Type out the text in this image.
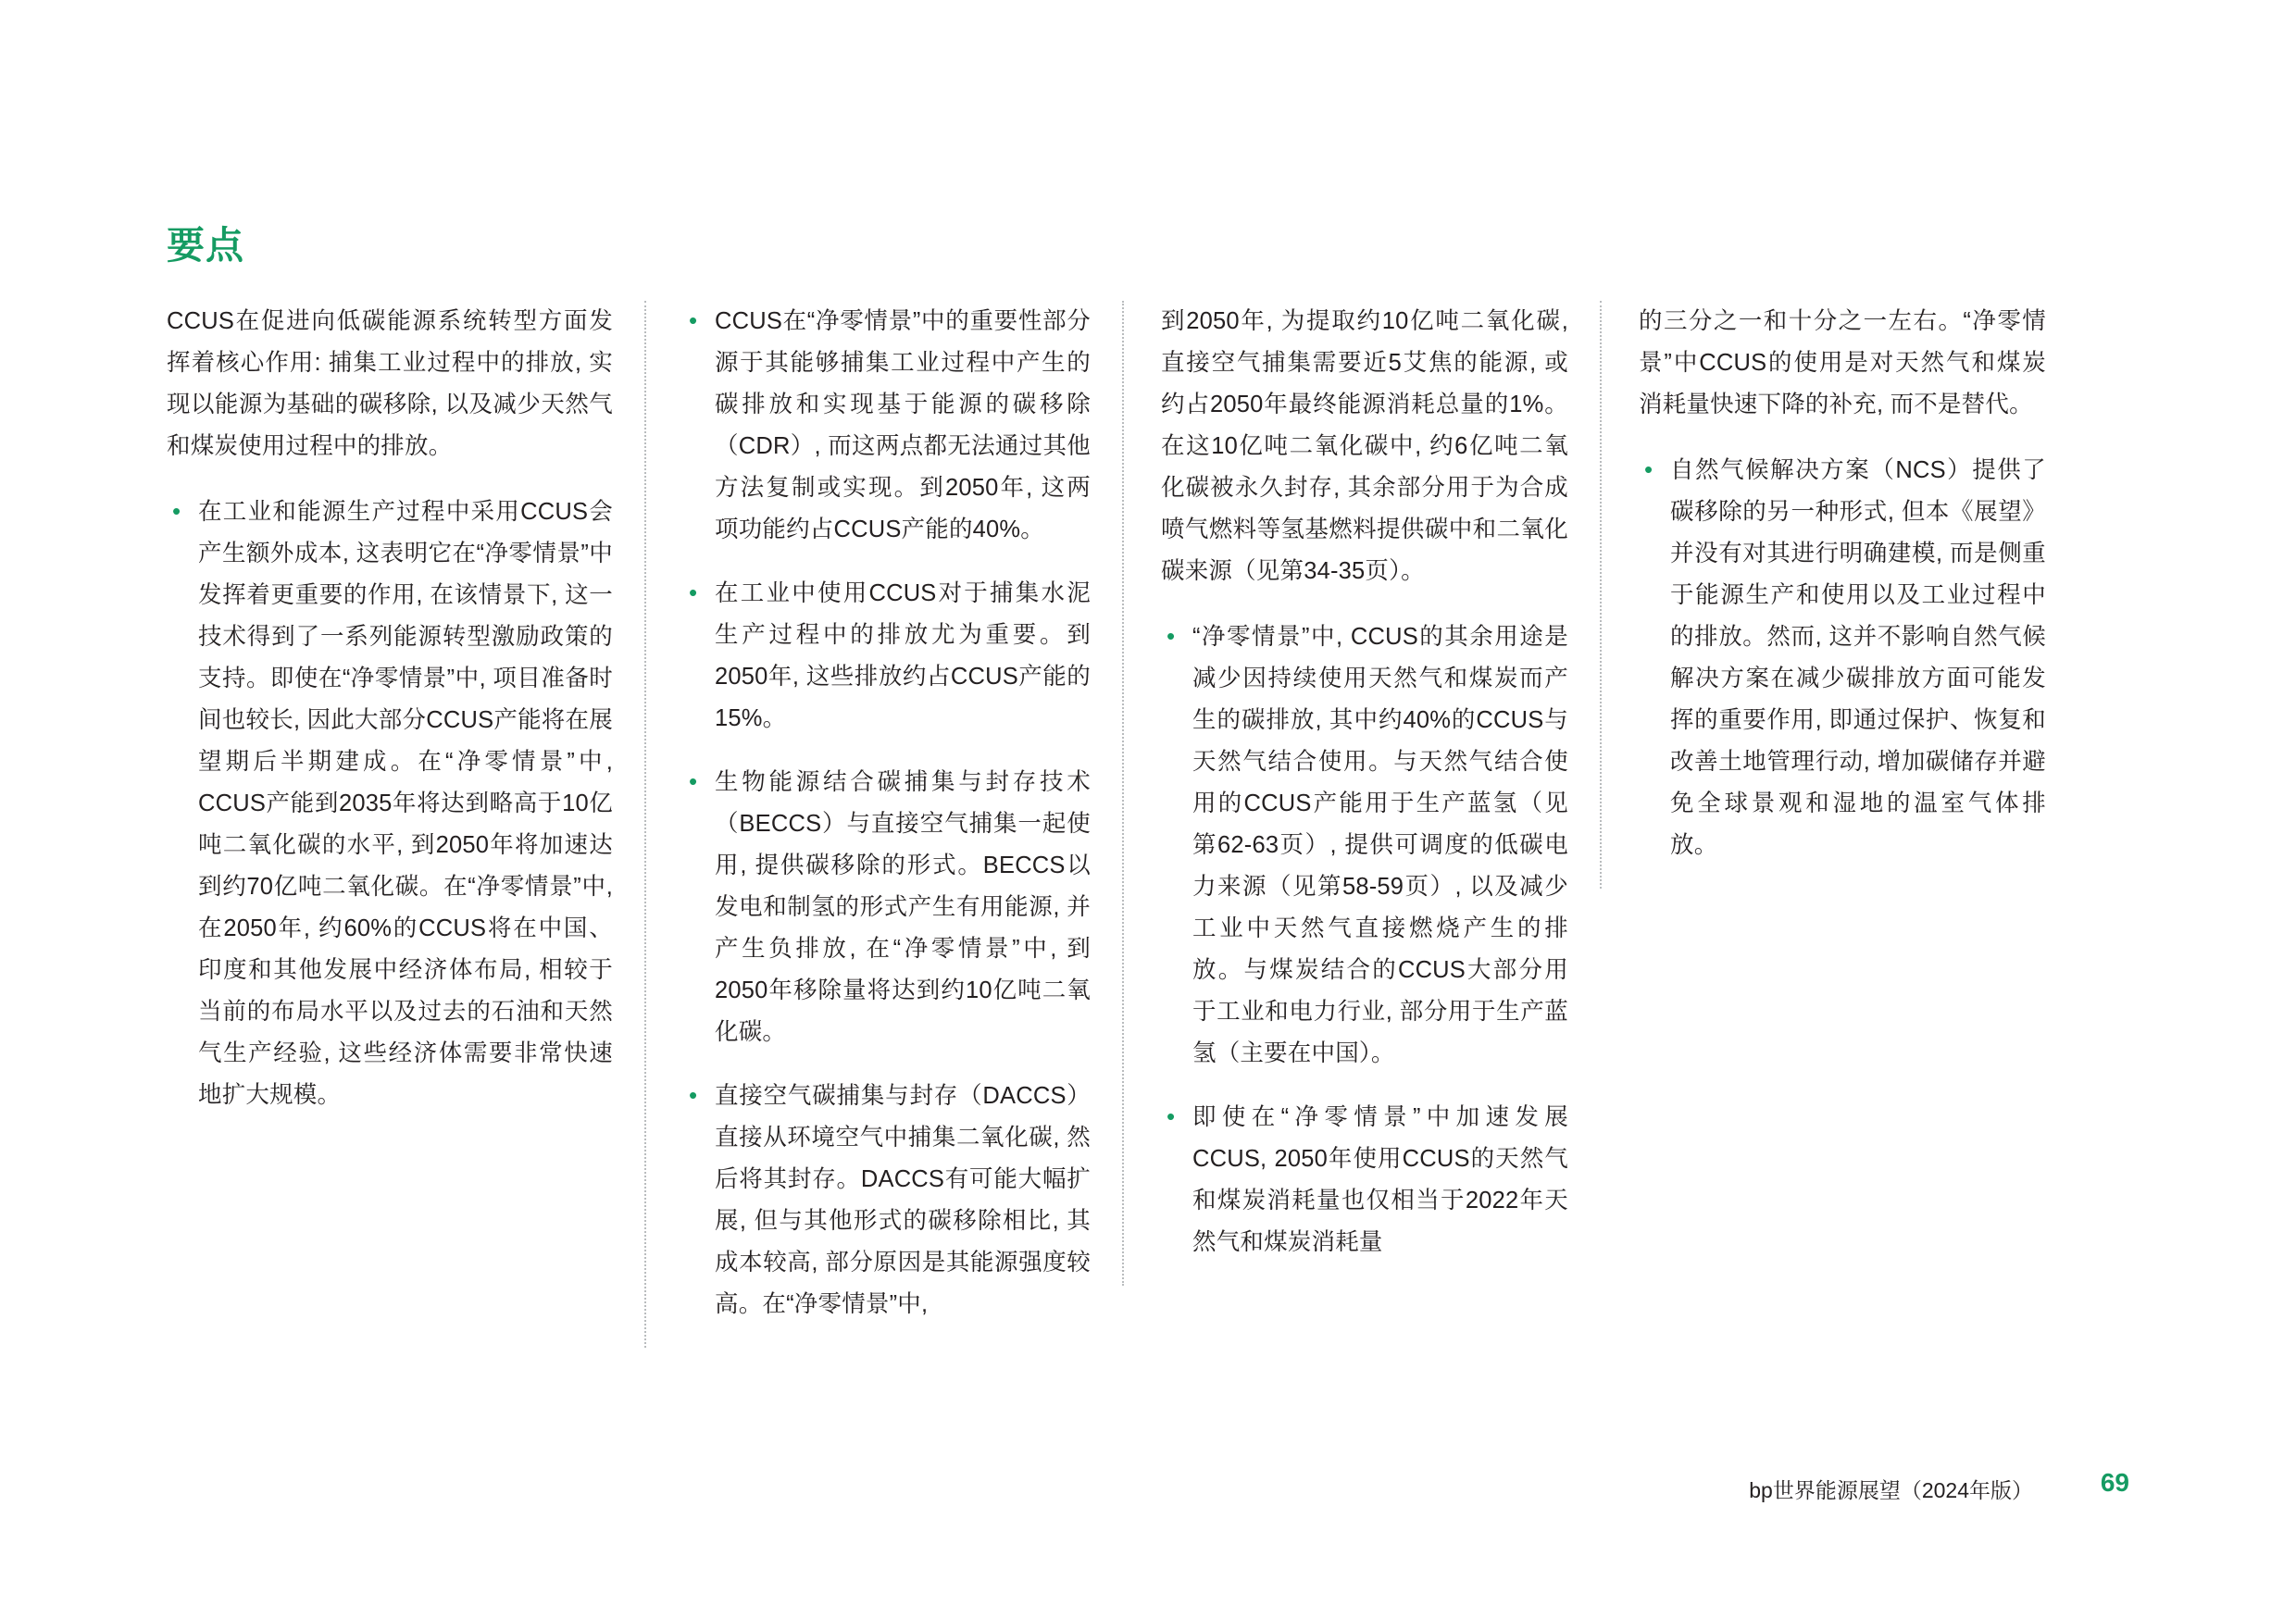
要点

CCUS在促进向低碳能源系统转型方面发挥着核心作用: 捕集工业过程中的排放, 实现以能源为基础的碳移除, 以及减少天然气和煤炭使用过程中的排放。

• 在工业和能源生产过程中采用CCUS会产生额外成本, 这表明它在“净零情景”中发挥着更重要的作用, 在该情景下, 这一技术得到了一系列能源转型激励政策的支持。即使在“净零情景”中, 项目准备时间也较长, 因此大部分CCUS产能将在展望期后半期建成。在“净零情景”中, CCUS产能到2035年将达到略高于10亿吨二氧化碳的水平, 到2050年将加速达到约70亿吨二氧化碳。在“净零情景”中, 在2050年, 约60%的CCUS将在中国、印度和其他发展中经济体布局, 相较于当前的布局水平以及过去的石油和天然气生产经验, 这些经济体需要非常快速地扩大规模。
• CCUS在“净零情景”中的重要性部分源于其能够捕集工业过程中产生的碳排放和实现基于能源的碳移除（CDR）, 而这两点都无法通过其他方法复制或实现。到2050年, 这两项功能约占CCUS产能的40%。
• 在工业中使用CCUS对于捕集水泥生产过程中的排放尤为重要。到2050年, 这些排放约占CCUS产能的15%。
• 生物能源结合碳捕集与封存技术（BECCS）与直接空气捕集一起使用, 提供碳移除的形式。BECCS以发电和制氢的形式产生有用能源, 并产生负排放, 在“净零情景”中, 到2050年移除量将达到约10亿吨二氧化碳。
• 直接空气碳捕集与封存（DACCS）直接从环境空气中捕集二氧化碳, 然后将其封存。DACCS有可能大幅扩展, 但与其他形式的碳移除相比, 其成本较高, 部分原因是其能源强度较高。在“净零情景”中,

到2050年, 为提取约10亿吨二氧化碳, 直接空气捕集需要近5艾焦的能源, 或约占2050年最终能源消耗总量的1%。在这10亿吨二氧化碳中, 约6亿吨二氧化碳被永久封存, 其余部分用于为合成喷气燃料等氢基燃料提供碳中和二氧化碳来源（见第34-35页）。

• “净零情景”中, CCUS的其余用途是减少因持续使用天然气和煤炭而产生的碳排放, 其中约40%的CCUS与天然气结合使用。与天然气结合使用的CCUS产能用于生产蓝氢（见第62-63页）, 提供可调度的低碳电力来源（见第58-59页）, 以及减少工业中天然气直接燃烧产生的排放。与煤炭结合的CCUS大部分用于工业和电力行业, 部分用于生产蓝氢（主要在中国）。
• 即使在“净零情景”中加速发展CCUS, 2050年使用CCUS的天然气和煤炭消耗量也仅相当于2022年天然气和煤炭消耗量

的三分之一和十分之一左右。“净零情景”中CCUS的使用是对天然气和煤炭消耗量快速下降的补充, 而不是替代。

• 自然气候解决方案（NCS）提供了碳移除的另一种形式, 但本《展望》并没有对其进行明确建模, 而是侧重于能源生产和使用以及工业过程中的排放。然而, 这并不影响自然气候解决方案在减少碳排放方面可能发挥的重要作用, 即通过保护、恢复和改善土地管理行动, 增加碳储存并避免全球景观和湿地的温室气体排放。
bp世界能源展望（2024年版）	69
